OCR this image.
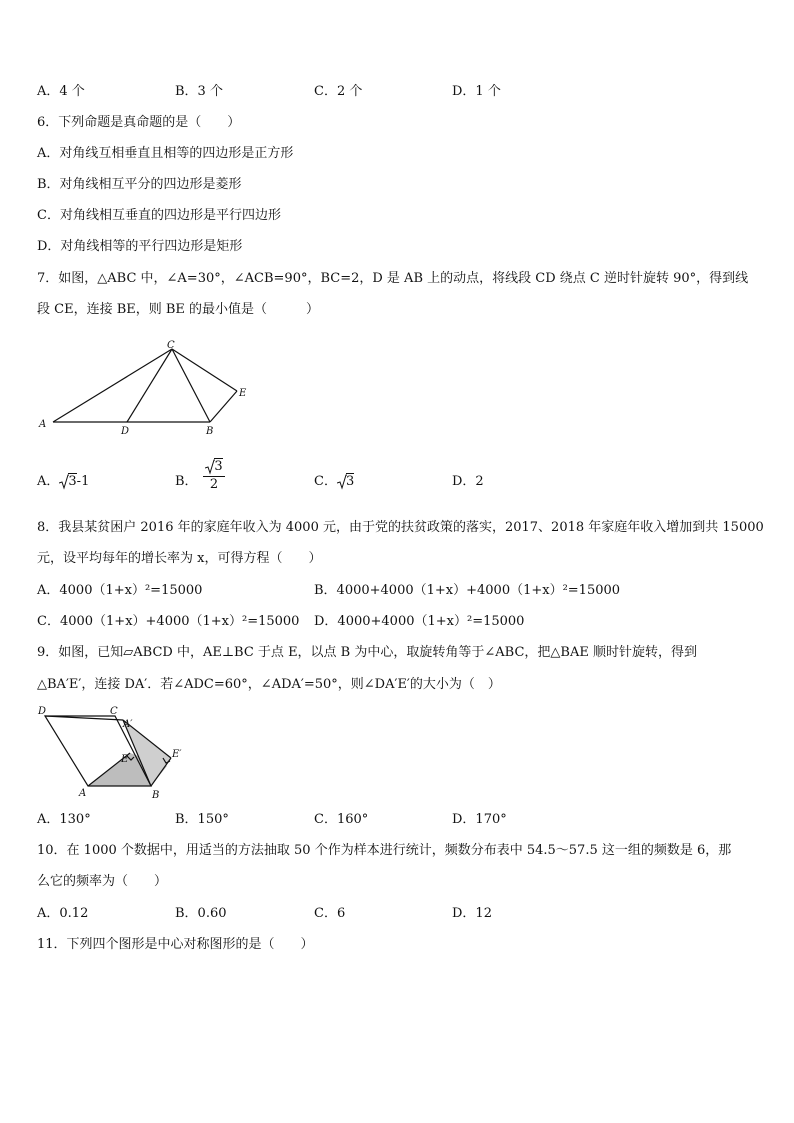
A．4 个	B．3 个	C．2 个	D．1 个
6．下列命题是真命题的是（　　）
A．对角线互相垂直且相等的四边形是正方形
B．对角线相互平分的四边形是菱形
C．对角线相互垂直的四边形是平行四边形
D．对角线相等的平行四边形是矩形
7．如图，△ABC 中，∠A=30°，∠ACB=90°，BC=2，D 是 AB 上的动点，将线段 CD 绕点 C 逆时针旋转 90°，得到线
段 CE，连接 BE，则 BE 的最小值是（　　　）
A
C
D	B
E
A． 3-1	B．
3
2	C． 3	D．2
8．我县某贫困户 2016 年的家庭年收入为 4000 元，由于党的扶贫政策的落实，2017、2018 年家庭年收入增加到共 15000
元，设平均每年的增长率为 x，可得方程（　　）
A．4000（1+x）²=15000	B．4000+4000（1+x）+4000（1+x）²=15000
C．4000（1+x）+4000（1+x）²=15000 D．4000+4000（1+x）²=15000
9．如图，已知▱ABCD 中，AE⊥BC 于点 E，以点 B 为中心，取旋转角等于∠ABC，把△BAE 顺时针旋转，得到
△BA′E′，连接 DA′．若∠ADC=60°，∠ADA′=50°，则∠DA′E′的大小为（　）
D	C
A′
E	E′
A	B
A．130°	B．150°	C．160°	D．170°
10．在 1000 个数据中，用适当的方法抽取 50 个作为样本进行统计，频数分布表中 54.5～57.5 这一组的频数是 6，那
么它的频率为（　　）
A．0.12	B．0.60	C．6	D．12
11．下列四个图形是中心对称图形的是（　　）
